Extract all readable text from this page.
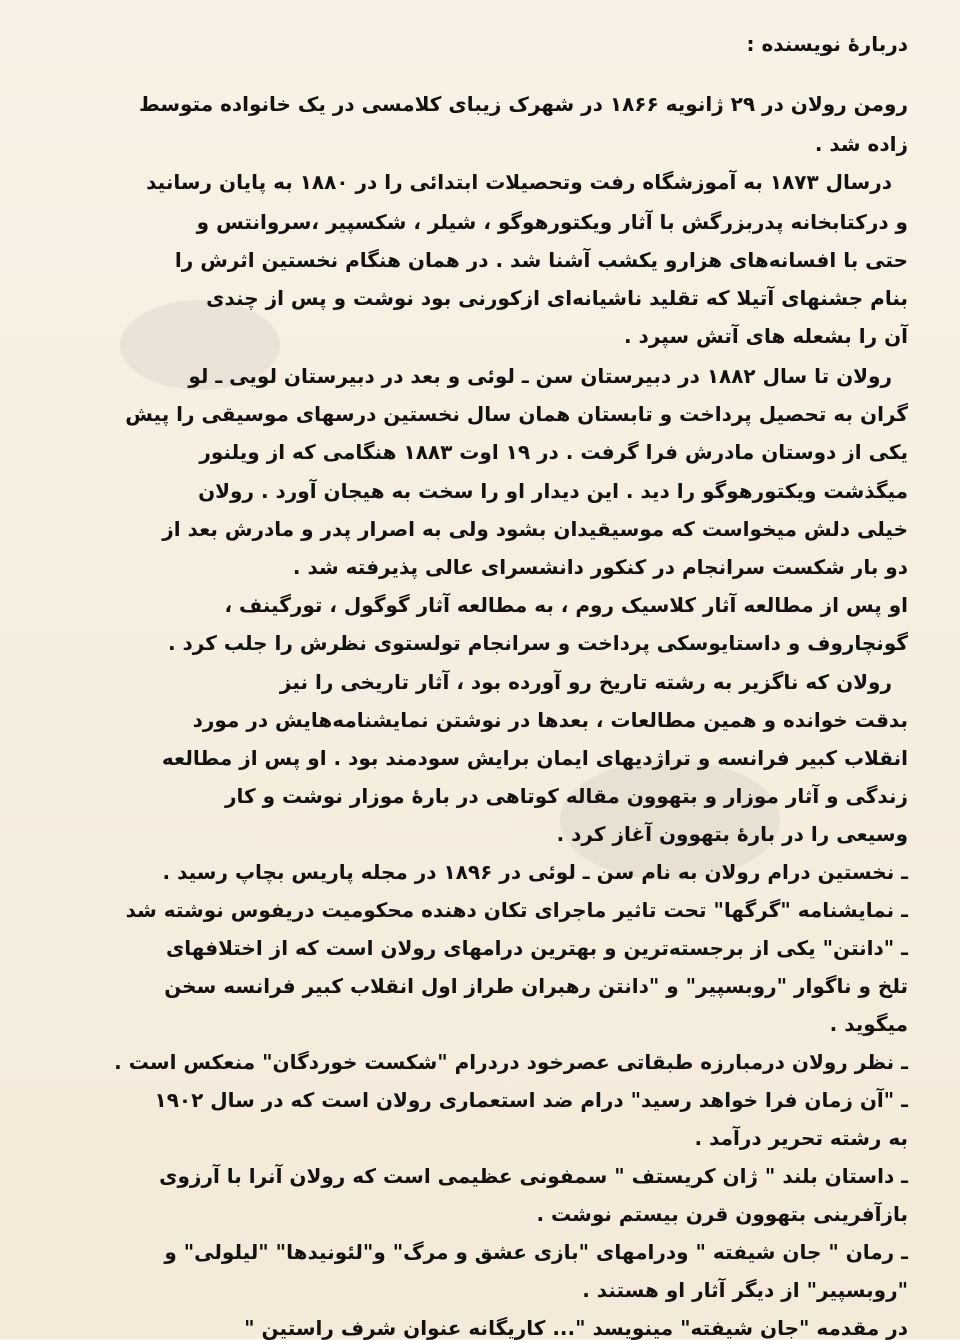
دربارهٔ نویسنده :
رومن رولان در ۲۹ ژانویه ۱۸۶۶ در شهرک زیبای کلامسی در یک خانواده متوسط
زاده شد .
درسال ۱۸۷۳ به آموزشگاه رفت وتحصیلات ابتدائی را در ۱۸۸۰ به پایان رسانید
و درکتابخانه پدربزرگش با آثار ویکتورهوگو ، شیلر ، شکسپیر ،سروانتس و
حتی با افسانه‌های هزارو یکشب آشنا شد . در همان هنگام نخستین اثرش را
بنام جشنهای آتیلا که تقلید ناشیانه‌ای ازکورنی بود نوشت و پس از چندی
آن را بشعله های آتش سپرد .
رولان تا سال ۱۸۸۲ در دبیرستان سن ـ لوئی و بعد در دبیرستان لویی ـ لو
گران به تحصیل پرداخت و تابستان همان سال نخستین درسهای موسیقی را پیش
یکی از دوستان مادرش فرا گرفت . در ۱۹ اوت ۱۸۸۳ هنگامی که از ویلنور
میگذشت ویکتورهوگو را دید . این دیدار او را سخت به هیجان آورد . رولان
خیلی دلش میخواست که موسیقیدان بشود ولی به اصرار پدر و مادرش بعد از
دو بار شکست سرانجام در کنکور دانشسرای عالی پذیرفته شد .
او پس از مطالعه آثار کلاسیک روم ، به مطالعه آثار گوگول ، تورگینف ،
گونچاروف و داستایوسکی پرداخت و سرانجام تولستوی نظرش را جلب کرد .
رولان که ناگزیر به رشته تاریخ رو آورده بود ، آثار تاریخی را نیز
بدقت خوانده و همین مطالعات ، بعدها در نوشتن نمایشنامه‌هایش در مورد
انقلاب کبیر فرانسه و تراژدیهای ایمان برایش سودمند بود . او پس از مطالعه
زندگی و آثار موزار و بتهوون مقاله کوتاهی در بارهٔ موزار نوشت و کار
وسیعی را در بارهٔ بتهوون آغاز کرد .
ـ نخستین درام رولان به نام سن ـ لوئی در ۱۸۹۶ در مجله پاریس بچاپ رسید .
ـ نمایشنامه "گرگها" تحت تاثیر ماجرای تکان دهنده محکومیت دریفوس نوشته شد
ـ "دانتن" یکی از برجسته‌ترین و بهترین درامهای رولان است که از اختلافهای
تلخ و ناگوار "روبسپیر" و "دانتن رهبران طراز اول انقلاب کبیر فرانسه سخن
میگوید .
ـ نظر رولان درمبارزه طبقاتی عصرخود دردرام "شکست خوردگان" منعکس است .
ـ "آن زمان فرا خواهد رسید" درام ضد استعماری رولان است که در سال ۱۹۰۲
به رشته تحریر درآمد .
ـ داستان بلند " ژان کریستف " سمفونی عظیمی است که رولان آنرا با آرزوی
بازآفرینی بتهوون قرن بیستم نوشت .
ـ رمان " جان شیفته " ودرامهای "بازی عشق و مرگ" و"لئونیدها" "لیلولی" و
"روبسپیر" از دیگر آثار او هستند .
در مقدمه "جان شیفته" مینویسد "... کاریگانه عنوان شرف راستین "
